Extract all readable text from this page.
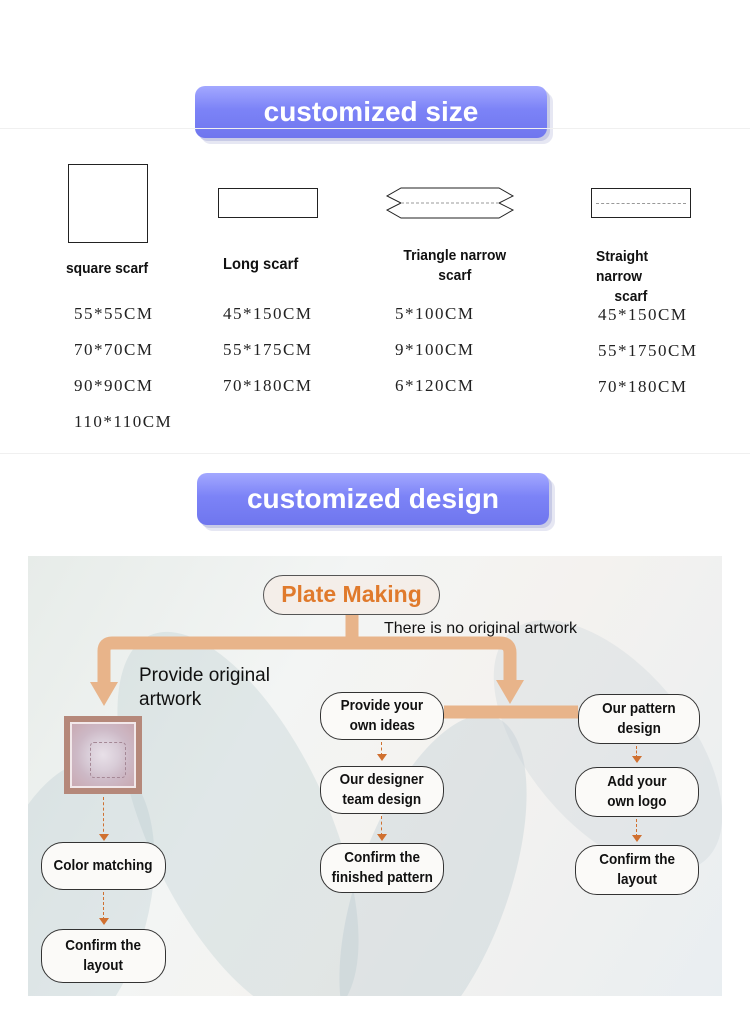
customized size
square scarf	Long scarf
Triangle narrow
scarf
Straight narrow
scarf
55*55CM
70*70CM
90*90CM
110*110CM
45*150CM
55*175CM
70*180CM
5*100CM
9*100CM
6*120CM
45*150CM
55*1750CM
70*180CM
customized design
Plate Making
There is no original artwork
Provide original
artwork
Color matching
Confirm the
layout
Provide your
own ideas
Our designer
team design
Confirm the
finished pattern
Our pattern
design
Add your
own logo
Confirm the
layout
